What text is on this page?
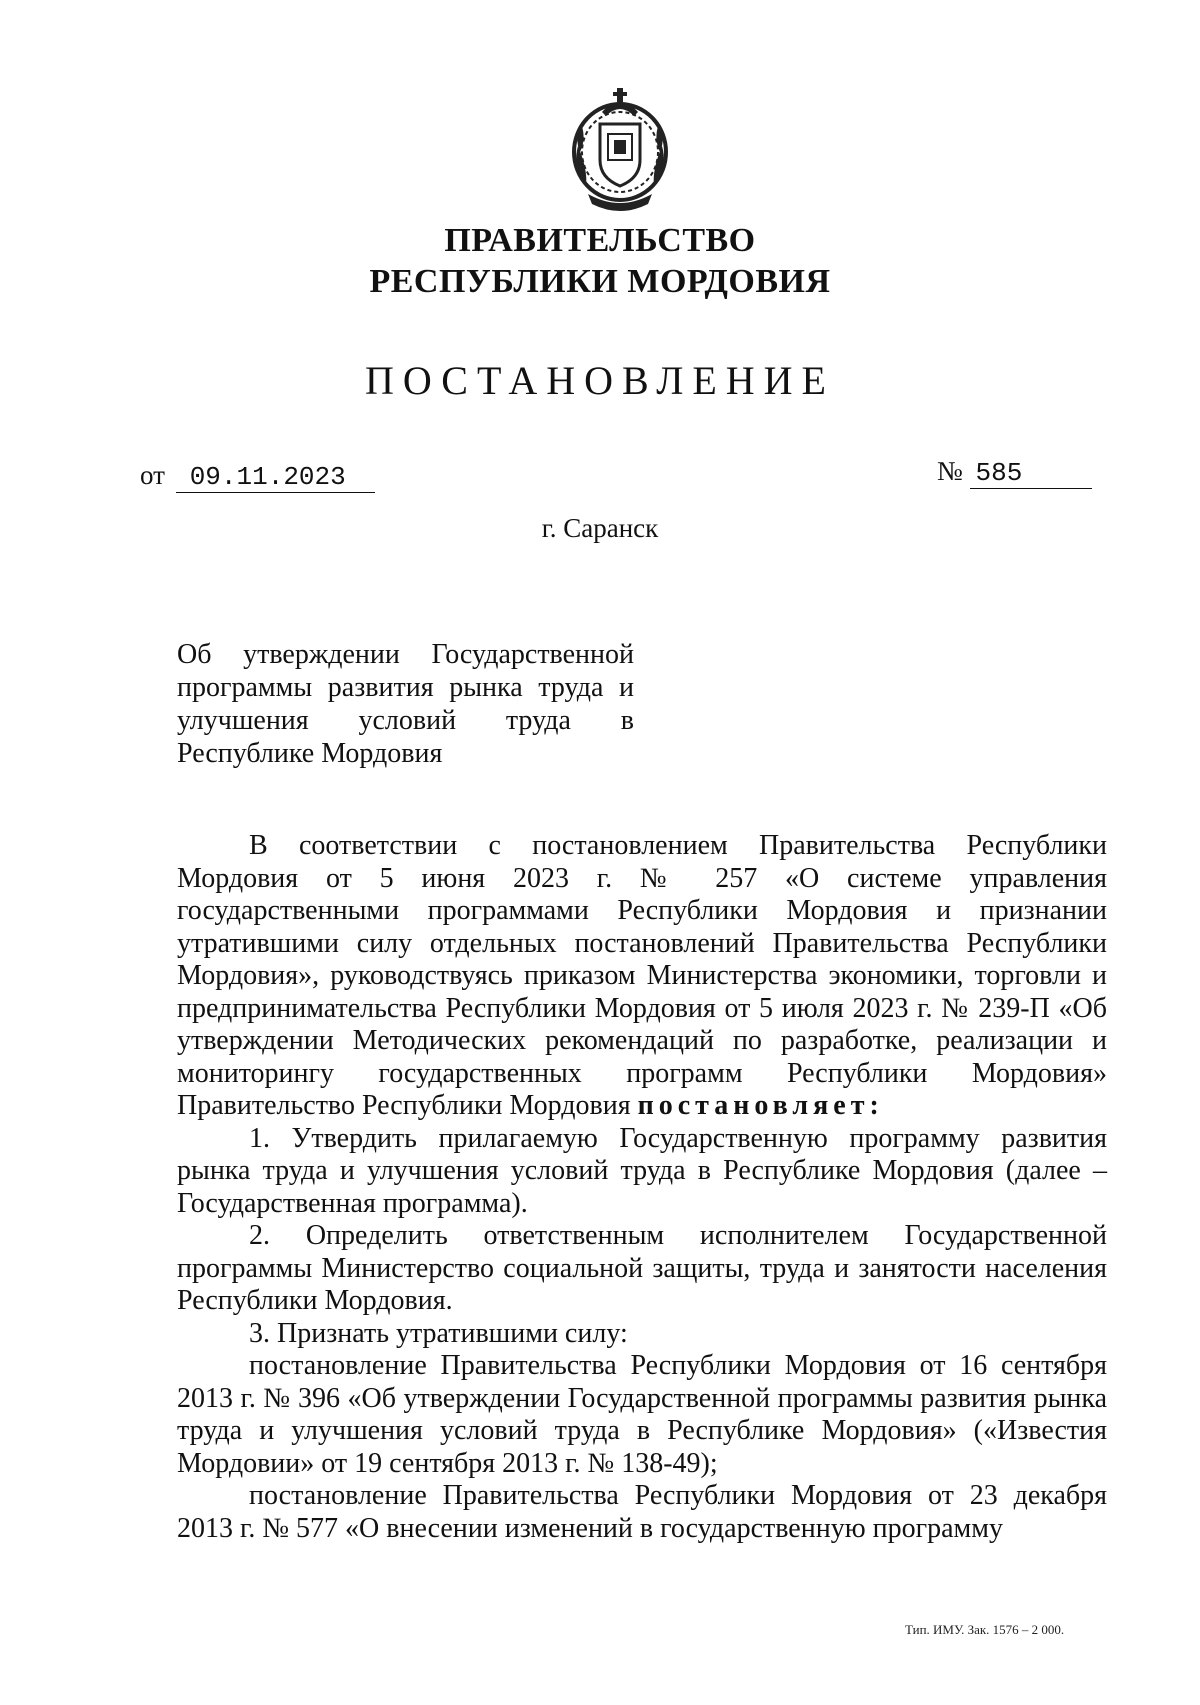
ПРАВИТЕЛЬСТВО
РЕСПУБЛИКИ МОРДОВИЯ
ПОСТАНОВЛЕНИЕ
от 09.11.2023	№ 585
г. Саранск
Об утверждении Государственной программы развития рынка труда и улучшения условий труда в Республике Мордовия

В соответствии с постановлением Правительства Республики Мордовия от 5 июня 2023 г. № 257 «О системе управления государственными программами Республики Мордовия и признании утратившими силу отдельных постановлений Правительства Республики Мордовия», руководствуясь приказом Министерства экономики, торговли и предпринимательства Республики Мордовия от 5 июля 2023 г. № 239-П «Об утверждении Методических рекомендаций по разработке, реализации и мониторингу государственных программ Республики Мордовия» Правительство Республики Мордовия постановляет:

1. Утвердить прилагаемую Государственную программу развития рынка труда и улучшения условий труда в Республике Мордовия (далее – Государственная программа).

2. Определить ответственным исполнителем Государственной программы Министерство социальной защиты, труда и занятости населения Республики Мордовия.

3. Признать утратившими силу:

постановление Правительства Республики Мордовия от 16 сентября 2013 г. № 396 «Об утверждении Государственной программы развития рынка труда и улучшения условий труда в Республике Мордовия» («Известия Мордовии» от 19 сентября 2013 г. № 138-49);

постановление Правительства Республики Мордовия от 23 декабря 2013 г. № 577 «О внесении изменений в государственную программу

Тип. ИМУ. Зак. 1576 – 2 000.
